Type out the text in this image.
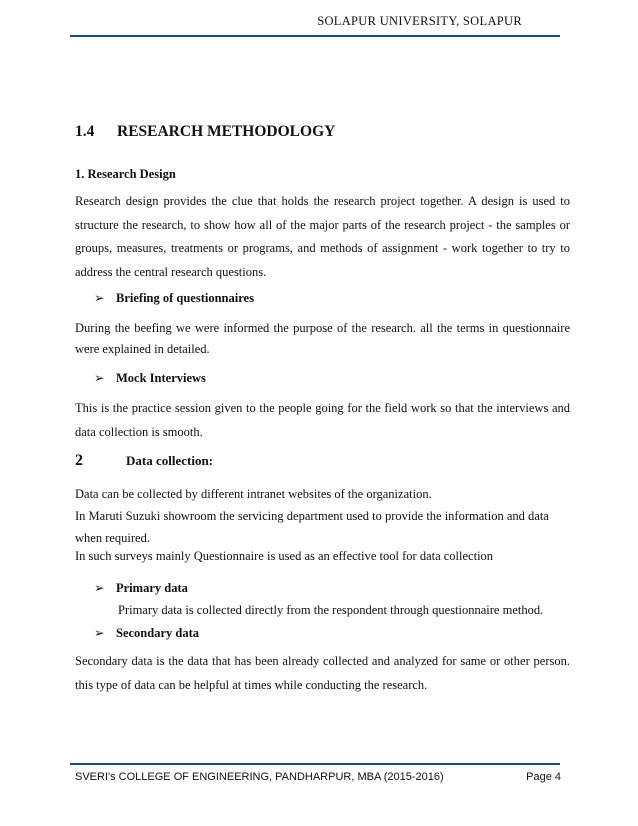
SOLAPUR UNIVERSITY, SOLAPUR
1.4 RESEARCH METHODOLOGY
1. Research Design

Research design provides the clue that holds the research project together. A design is used to structure the research, to show how all of the major parts of the research project - the samples or groups, measures, treatments or programs, and methods of assignment - work together to try to address the central research questions.

➢ Briefing of questionnaires

During the beefing we were informed the purpose of the research. all the terms in questionnaire were explained in detailed.

➢ Mock Interviews

This is the practice session given to the people going for the field work so that the interviews and data collection is smooth.

2	Data collection:
Data can be collected by different intranet websites of the organization.
In Maruti Suzuki showroom the servicing department used to provide the information and data
when required.
In such surveys mainly Questionnaire is used as an effective tool for data collection
➢ Primary data
Primary data is collected directly from the respondent through questionnaire method.
➢ Secondary data

Secondary data is the data that has been already collected and analyzed for same or other person. this type of data can be helpful at times while conducting the research.

SVERI's COLLEGE OF ENGINEERING, PANDHARPUR, MBA (2015-2016)	Page 4
